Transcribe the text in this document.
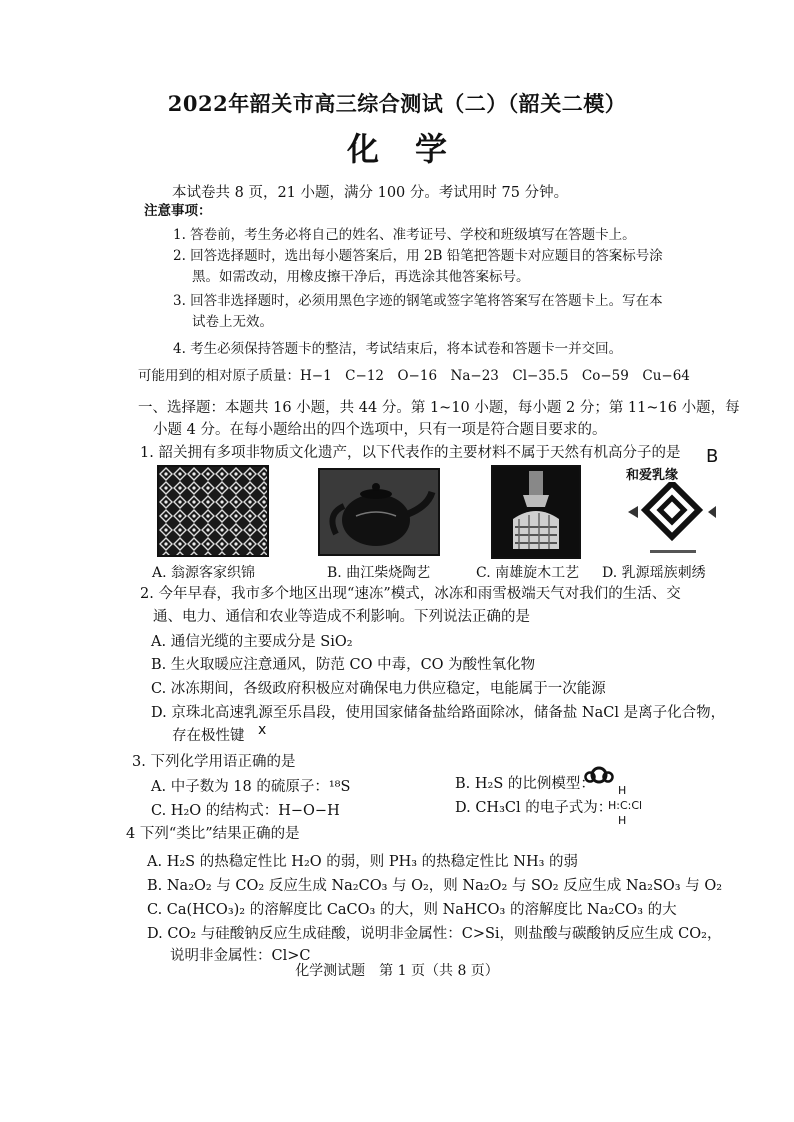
2022年韶关市高三综合测试（二）（韶关二模）
化学
本试卷共 8 页，21 小题，满分 100 分。考试用时 75 分钟。
注意事项：
1. 答卷前，考生务必将自己的姓名、准考证号、学校和班级填写在答题卡上。
2. 回答选择题时，选出每小题答案后，用 2B 铅笔把答题卡对应题目的答案标号涂
黑。如需改动，用橡皮擦干净后，再选涂其他答案标号。
3. 回答非选择题时，必须用黑色字迹的钢笔或签字笔将答案写在答题卡上。写在本
试卷上无效。
4. 考生必须保持答题卡的整洁，考试结束后，将本试卷和答题卡一并交回。
可能用到的相对原子质量：H−1　C−12　O−16　Na−23　Cl−35.5　Co−59　Cu−64
一、选择题：本题共 16 小题，共 44 分。第 1~10 小题，每小题 2 分；第 11~16 小题，每
小题 4 分。在每小题给出的四个选项中，只有一项是符合题目要求的。
1. 韶关拥有多项非物质文化遗产，以下代表作的主要材料不属于天然有机高分子的是 B
和爱乳缘
A. 翁源客家织锦	B. 曲江柴烧陶艺	C. 南雄旋木工艺 D. 乳源瑶族刺绣
2. 今年早春，我市多个地区出现“速冻”模式，冰冻和雨雪极端天气对我们的生活、交
通、电力、通信和农业等造成不利影响。下列说法正确的是
A. 通信光缆的主要成分是 SiO₂
B. 生火取暖应注意通风，防范 CO 中毒，CO 为酸性氧化物
C. 冰冻期间，各级政府积极应对确保电力供应稳定，电能属于一次能源
D. 京珠北高速乳源至乐昌段，使用国家储备盐给路面除冰，储备盐 NaCl 是离子化合物，
存在极性键 x
3. 下列化学用语正确的是
A. 中子数为 18 的硫原子：¹⁸S	B. H₂S 的比例模型：
C. H₂O 的结构式：H−O−H	D. CH₃Cl 的电子式为：
H
H:C:Cl
H
4 下列“类比”结果正确的是
A. H₂S 的热稳定性比 H₂O 的弱，则 PH₃ 的热稳定性比 NH₃ 的弱
B. Na₂O₂ 与 CO₂ 反应生成 Na₂CO₃ 与 O₂，则 Na₂O₂ 与 SO₂ 反应生成 Na₂SO₃ 与 O₂
C. Ca(HCO₃)₂ 的溶解度比 CaCO₃ 的大，则 NaHCO₃ 的溶解度比 Na₂CO₃ 的大
D. CO₂ 与硅酸钠反应生成硅酸，说明非金属性：C>Si，则盐酸与碳酸钠反应生成 CO₂，
说明非金属性：Cl>C
化学测试题　第 1 页（共 8 页）
